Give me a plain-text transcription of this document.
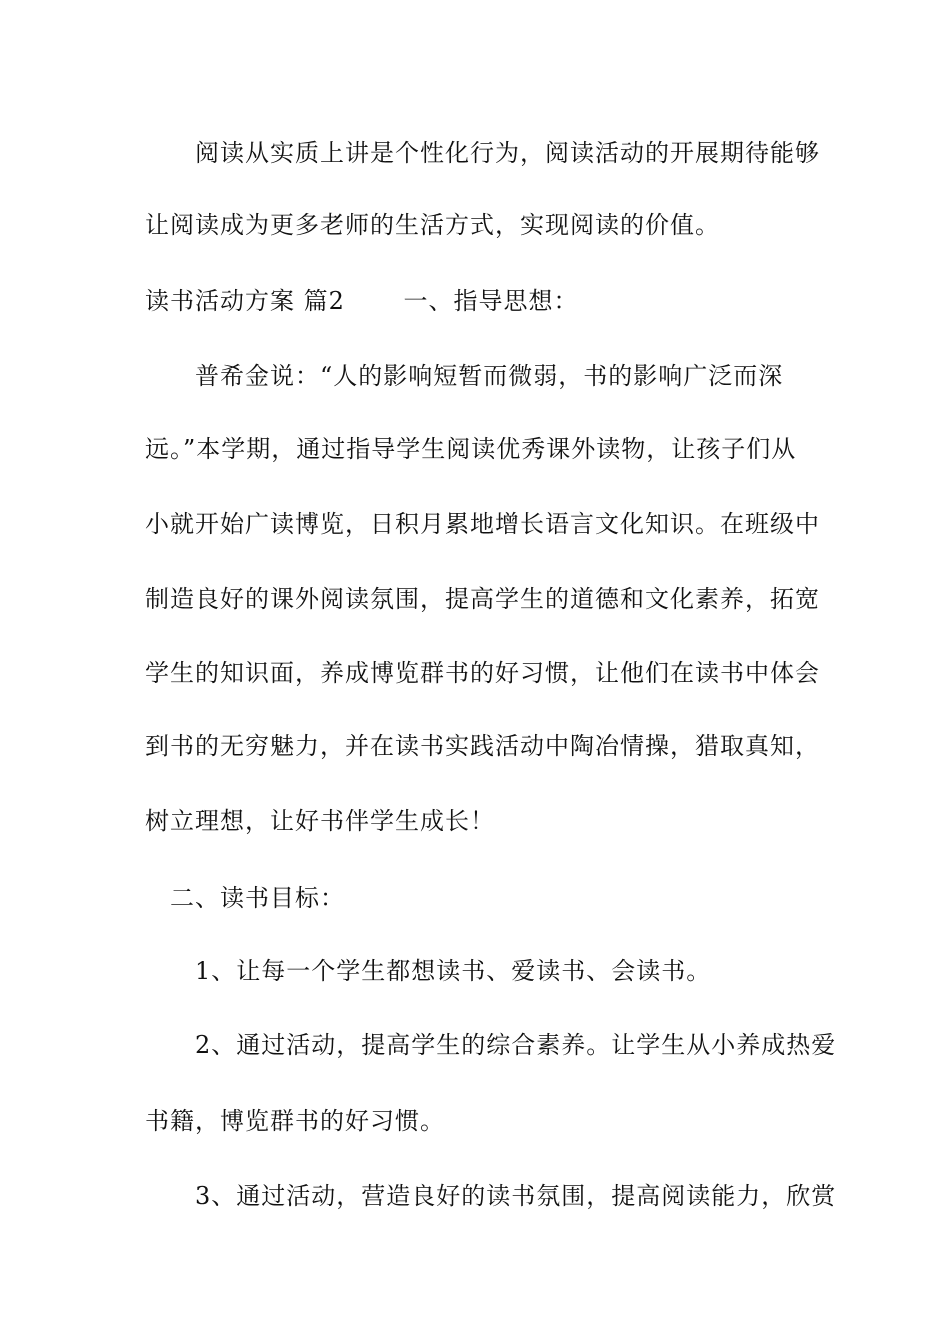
阅读从实质上讲是个性化行为，阅读活动的开展期待能够
让阅读成为更多老师的生活方式，实现阅读的价值。
读书活动方案 篇2　　 一、指导思想：
普希金说：“人的影响短暂而微弱，书的影响广泛而深
远。”本学期，通过指导学生阅读优秀课外读物，让孩子们从
小就开始广读博览，日积月累地增长语言文化知识。在班级中
制造良好的课外阅读氛围，提高学生的道德和文化素养，拓宽
学生的知识面，养成博览群书的好习惯，让他们在读书中体会
到书的无穷魅力，并在读书实践活动中陶冶情操，猎取真知，
树立理想，让好书伴学生成长！
二、读书目标：
1、让每一个学生都想读书、爱读书、会读书。
2、通过活动，提高学生的综合素养。让学生从小养成热爱
书籍，博览群书的好习惯。
3、通过活动，营造良好的读书氛围，提高阅读能力，欣赏
